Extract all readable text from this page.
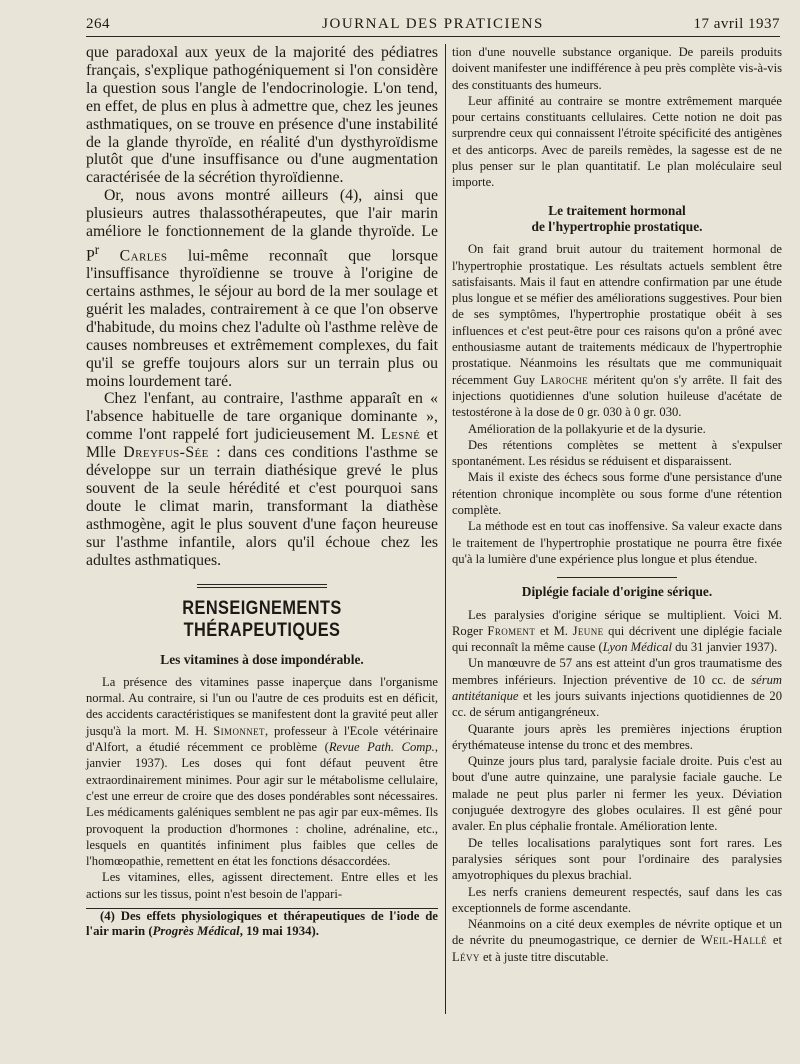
264	JOURNAL DES PRATICIENS	17 avril 1937

que paradoxal aux yeux de la majorité des pédiatres français, s'explique pathogéniquement si l'on considère la question sous l'angle de l'endocrinologie. L'on tend, en effet, de plus en plus à admettre que, chez les jeunes asthmatiques, on se trouve en présence d'une instabilité de la glande thyroïde, en réalité d'un dysthyroïdisme plutôt que d'une insuffisance ou d'une augmentation caractérisée de la sécrétion thyroïdienne.

Or, nous avons montré ailleurs (4), ainsi que plusieurs autres thalassothérapeutes, que l'air marin améliore le fonctionnement de la glande thyroïde. Le $P^r$ Carles lui-même reconnaît que lorsque l'insuffisance thyroïdienne se trouve à l'origine de certains asthmes, le séjour au bord de la mer soulage et guérit les malades, contrairement à ce que l'on observe d'habitude, du moins chez l'adulte où l'asthme relève de causes nombreuses et extrêmement complexes, du fait qu'il se greffe toujours alors sur un terrain plus ou moins lourdement taré.

Chez l'enfant, au contraire, l'asthme apparaît en « l'absence habituelle de tare organique dominante », comme l'ont rappelé fort judicieusement M. Lesné et Mlle Dreyfus-Sée : dans ces conditions l'asthme se développe sur un terrain diathésique grevé le plus souvent de la seule hérédité et c'est pourquoi sans doute le climat marin, transformant la diathèse asthmogène, agit le plus souvent d'une façon heureuse sur l'asthme infantile, alors qu'il échoue chez les adultes asthmatiques.

RENSEIGNEMENTS THÉRAPEUTIQUES
Les vitamines à dose impondérable.

La présence des vitamines passe inaperçue dans l'organisme normal. Au contraire, si l'un ou l'autre de ces produits est en déficit, des accidents caractéristiques se manifestent dont la gravité peut aller jusqu'à la mort. M. H. Simonnet, professeur à l'Ecole vétérinaire d'Alfort, a étudié récemment ce problème (Revue Path. Comp., janvier 1937). Les doses qui font défaut peuvent être extraordinairement minimes. Pour agir sur le métabolisme cellulaire, c'est une erreur de croire que des doses pondérables sont nécessaires. Les médicaments galéniques semblent ne pas agir par eux-mêmes. Ils provoquent la production d'hormones : choline, adrénaline, etc., lesquels en quantités infiniment plus faibles que celles de l'homœopathie, remettent en état les fonctions désaccordées.

Les vitamines, elles, agissent directement. Entre elles et les actions sur les tissus, point n'est besoin de l'appari-

(4) Des effets physiologiques et thérapeutiques de l'iode de l'air marin (Progrès Médical, 19 mai 1934).

tion d'une nouvelle substance organique. De pareils produits doivent manifester une indifférence à peu près complète vis-à-vis des constituants des humeurs.

Leur affinité au contraire se montre extrêmement marquée pour certains constituants cellulaires. Cette notion ne doit pas surprendre ceux qui connaissent l'étroite spécificité des antigènes et des anticorps. Avec de pareils remèdes, la sagesse est de ne plus penser sur le plan quantitatif. Le plan moléculaire seul importe.

Le traitement hormonal
de l'hypertrophie prostatique.

On fait grand bruit autour du traitement hormonal de l'hypertrophie prostatique. Les résultats actuels semblent être satisfaisants. Mais il faut en attendre confirmation par une étude plus longue et se méfier des améliorations suggestives. Pour bien de ses symptômes, l'hypertrophie prostatique obéit à ses influences et c'est peut-être pour ces raisons qu'on a prôné avec enthousiasme autant de traitements médicaux de l'hypertrophie prostatique. Néanmoins les résultats que me communiquait récemment Guy Laroche méritent qu'on s'y arrête. Il fait des injections quotidiennes d'une solution huileuse d'acétate de testostérone à la dose de 0 gr. 030 à 0 gr. 030.

Amélioration de la pollakyurie et de la dysurie.

Des rétentions complètes se mettent à s'expulser spontanément. Les résidus se réduisent et disparaissent.

Mais il existe des échecs sous forme d'une persistance d'une rétention chronique incomplète ou sous forme d'une rétention complète.

La méthode est en tout cas inoffensive. Sa valeur exacte dans le traitement de l'hypertrophie prostatique ne pourra être fixée qu'à la lumière d'une expérience plus longue et plus étendue.

Diplégie faciale d'origine sérique.

Les paralysies d'origine sérique se multiplient. Voici M. Roger Froment et M. Jeune qui décrivent une diplégie faciale qui reconnaît la même cause (Lyon Médical du 31 janvier 1937).

Un manœuvre de 57 ans est atteint d'un gros traumatisme des membres inférieurs. Injection préventive de 10 cc. de sérum antitétanique et les jours suivants injections quotidiennes de 20 cc. de sérum antigangréneux.

Quarante jours après les premières injections éruption érythémateuse intense du tronc et des membres.

Quinze jours plus tard, paralysie faciale droite. Puis c'est au bout d'une autre quinzaine, une paralysie faciale gauche. Le malade ne peut plus parler ni fermer les yeux. Déviation conjuguée dextrogyre des globes oculaires. Il est gêné pour avaler. En plus céphalie frontale. Amélioration lente.

De telles localisations paralytiques sont fort rares. Les paralysies sériques sont pour l'ordinaire des paralysies amyotrophiques du plexus brachial.

Les nerfs craniens demeurent respectés, sauf dans les cas exceptionnels de forme ascendante.

Néanmoins on a cité deux exemples de névrite optique et un de névrite du pneumogastrique, ce dernier de Weil-Hallé et Lévy et à juste titre discutable.
